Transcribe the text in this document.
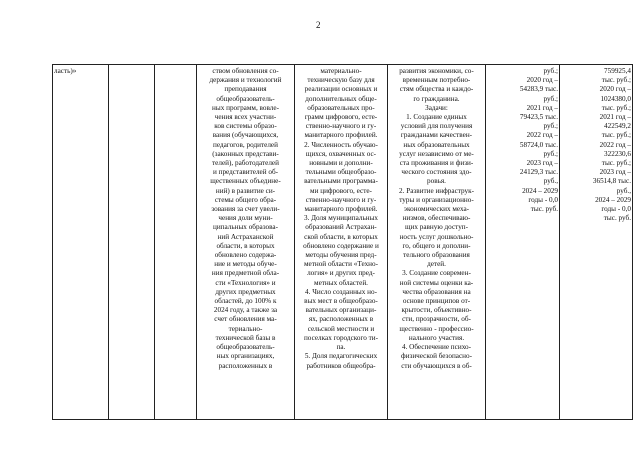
2
ласть)»			ством обновления со-
держания и технологий преподавания
общеобразователь-
ных программ, вовле-
чения всех участни-
ков системы образо-
вания (обучающихся,
педагогов, родителей
(законных представи-
телей), работодателей
и представителей об-
щественных объедине-
ний) в развитие си-
стемы общего обра-
зования за счет увели-
чения доли муни-
ципальных образова-
ний Астраханской
области, в которых
обновлено содержа-
ние и методы обуче-
ния предметной обла-
сти «Технология» и
других предметных
областей, до 100% к
2024 году, а также за
счет обновления ма-
териально-
технической базы в
общеобразователь-
ных организациях,
расположенных в

материально-
техническую базу для
реализации основных и
дополнительных обще-
образовательных про-
грамм цифрового, есте-
ственно-научного и гу-
манитарного профилей.
2. Численность обучаю-
щихся, охваченных ос-
новными и дополни-
тельными общеобразо-
вательными программа-
ми цифрового, есте-
ственно-научного и гу-
манитарного профилей.
3. Доля муниципальных
образований Астрахан-
ской области, в которых
обновлено содержание и
методы обучения пред-
метной области «Техно-
логия» и других пред-
метных областей.
4. Число созданных но-
вых мест в общеобразо-
вательных организаци-
ях, расположенных в
сельской местности и
поселках городского ти-
па.
5. Доля педагогических
работников общеобра-

развития экономики, со-
временным потребно-
стям общества и каждо-
го гражданина.
Задачи:
1. Создание единых
условий для получения
гражданами качествен-
ных образовательных
услуг независимо от ме-
ста проживания и физи-
ческого состояния здо-
ровья.
2. Развитие инфраструк-
туры и организационно-
экономических меха-
низмов, обеспечиваю-
щих равную доступ-
ность услуг дошкольно-
го, общего и дополни-
тельного образования
детей.
3. Создание современ-
ной системы оценки ка-
чества образования на
основе принципов от-
крытости, объективно-
сти, прозрачности, об-
щественно - профессио-
нального участия.
4. Обеспечение психо-
физической безопасно-
сти обучающихся в об-

руб.;
2020 год –
54283,9 тыс.
руб.;
2021 год –
79423,5 тыс.
руб.;
2022 год –
58724,0 тыс.
руб.;
2023 год –
24129,3 тыс.
руб.,
2024 – 2029
годы - 0,0
тыс. руб.

759925,4
тыс. руб.;
2020 год –
1024380,0
тыс. руб.;
2021 год –
422549,2
тыс. руб.;
2022 год –
322230,6
тыс. руб.;
2023 год –
36514,8 тыс.
руб.,
2024 – 2029
годы - 0,0
тыс. руб.
